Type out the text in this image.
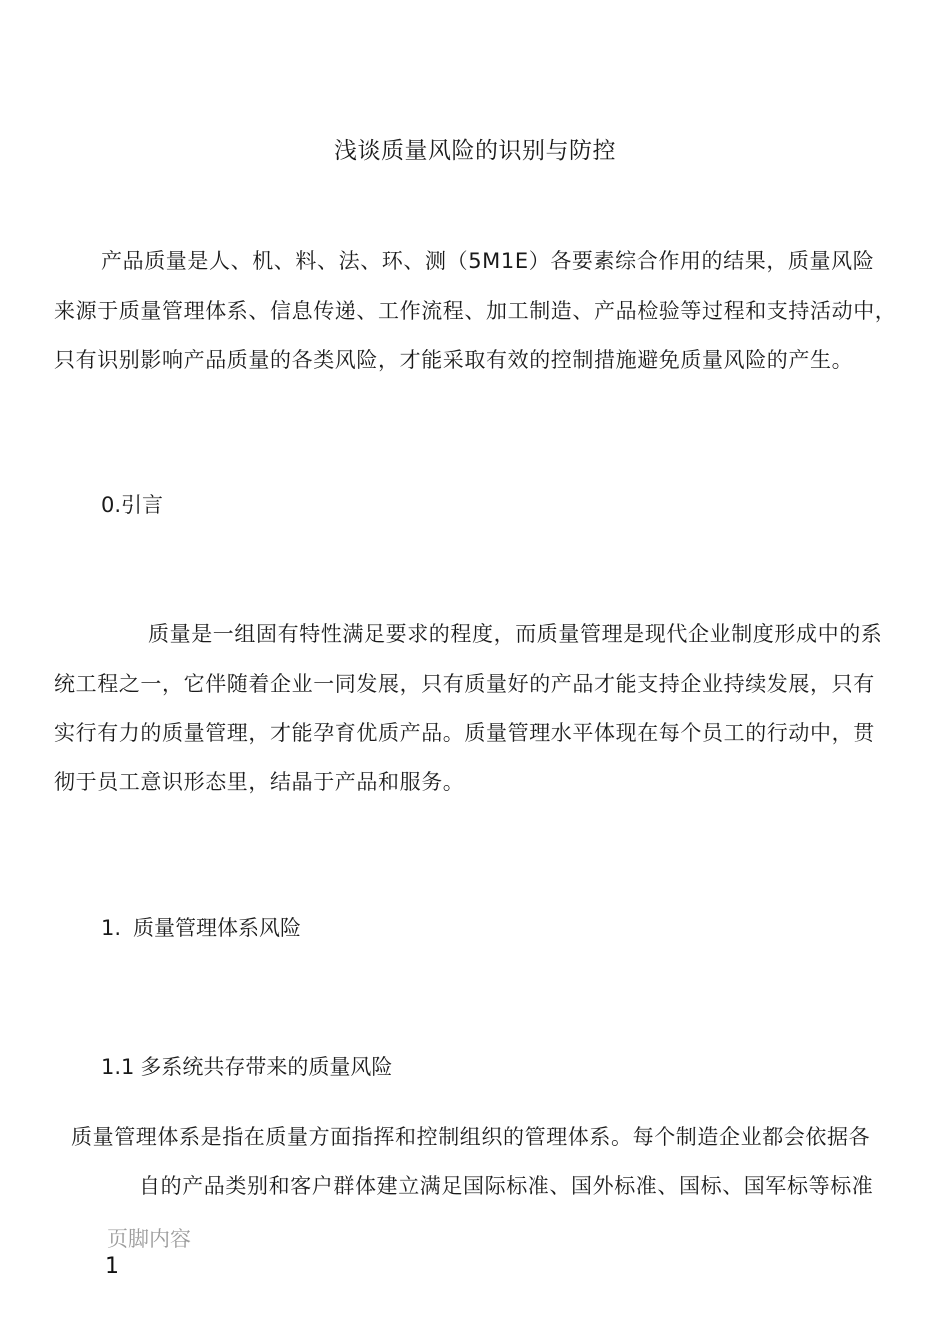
浅谈质量风险的识别与防控
产品质量是人、机、料、法、环、测（5M1E）各要素综合作用的结果，质量风险
来源于质量管理体系、信息传递、工作流程、加工制造、产品检验等过程和支持活动中，
只有识别影响产品质量的各类风险，才能采取有效的控制措施避免质量风险的产生。
0.引言
质量是一组固有特性满足要求的程度，而质量管理是现代企业制度形成中的系
统工程之一，它伴随着企业一同发展，只有质量好的产品才能支持企业持续发展，只有
实行有力的质量管理，才能孕育优质产品。质量管理水平体现在每个员工的行动中，贯
彻于员工意识形态里，结晶于产品和服务。
1. 质量管理体系风险
1.1 多系统共存带来的质量风险
质量管理体系是指在质量方面指挥和控制组织的管理体系。每个制造企业都会依据各
自的产品类别和客户群体建立满足国际标准、国外标准、国标、国军标等标准
页脚内容
1
